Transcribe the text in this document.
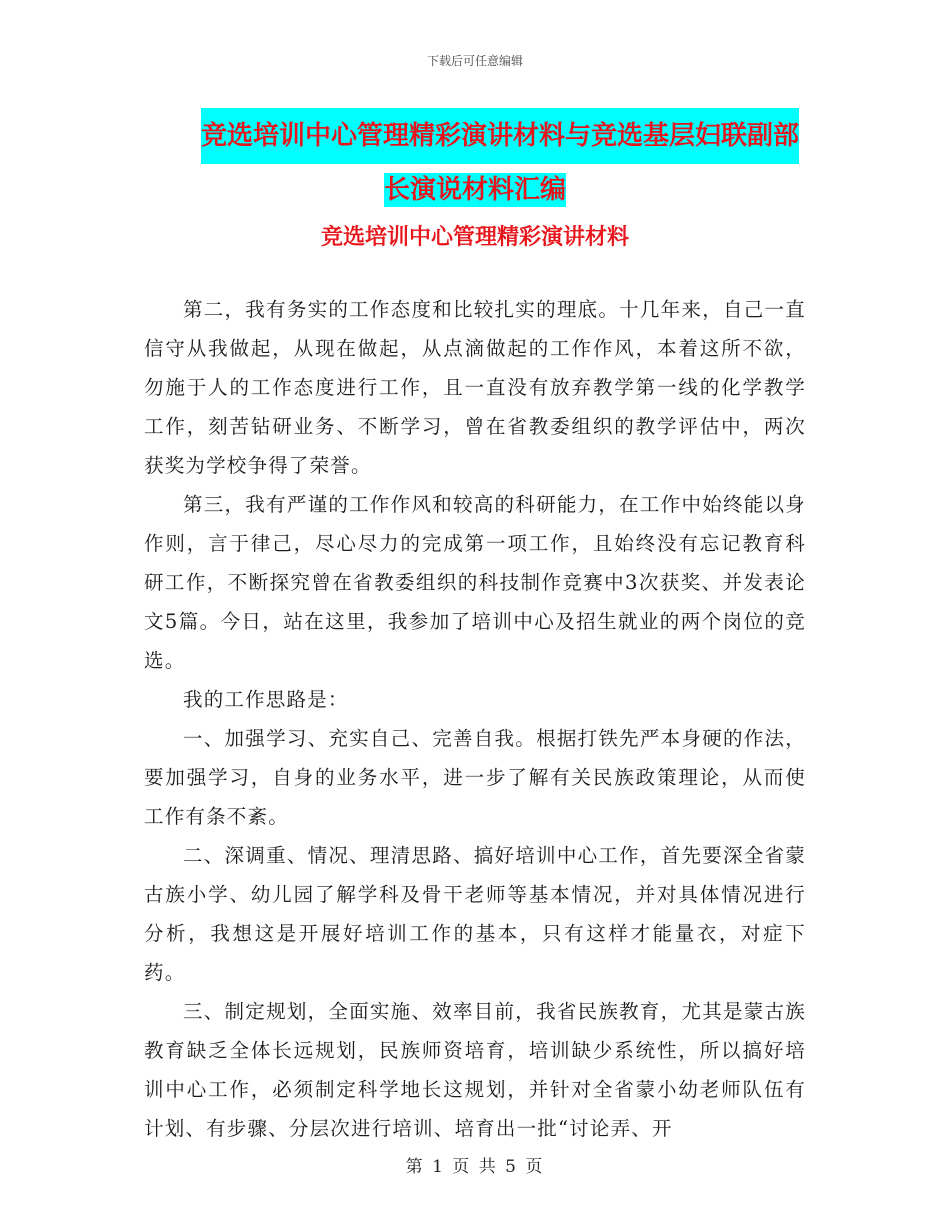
下载后可任意编辑
竞选培训中心管理精彩演讲材料与竞选基层妇联副部
长演说材料汇编
竞选培训中心管理精彩演讲材料

第二，我有务实的工作态度和比较扎实的理底。十几年来，自己一直信守从我做起，从现在做起，从点滴做起的工作作风，本着这所不欲，勿施于人的工作态度进行工作，且一直没有放弃教学第一线的化学教学工作，刻苦钻研业务、不断学习，曾在省教委组织的教学评估中，两次获奖为学校争得了荣誉。

第三，我有严谨的工作作风和较高的科研能力，在工作中始终能以身作则，言于律己，尽心尽力的完成第一项工作，且始终没有忘记教育科研工作，不断探究曾在省教委组织的科技制作竞赛中3次获奖、并发表论文5篇。今日，站在这里，我参加了培训中心及招生就业的两个岗位的竞选。

我的工作思路是：

一、加强学习、充实自己、完善自我。根据打铁先严本身硬的作法，要加强学习，自身的业务水平，进一步了解有关民族政策理论，从而使工作有条不紊。

二、深调重、情况、理清思路、搞好培训中心工作，首先要深全省蒙古族小学、幼儿园了解学科及骨干老师等基本情况，并对具体情况进行分析，我想这是开展好培训工作的基本，只有这样才能量衣，对症下药。

三、制定规划，全面实施、效率目前，我省民族教育，尤其是蒙古族教育缺乏全体长远规划，民族师资培育，培训缺少系统性，所以搞好培训中心工作，必须制定科学地长这规划，并针对全省蒙小幼老师队伍有计划、有步骤、分层次进行培训、培育出一批“讨论弄、开

第 1 页 共 5 页
